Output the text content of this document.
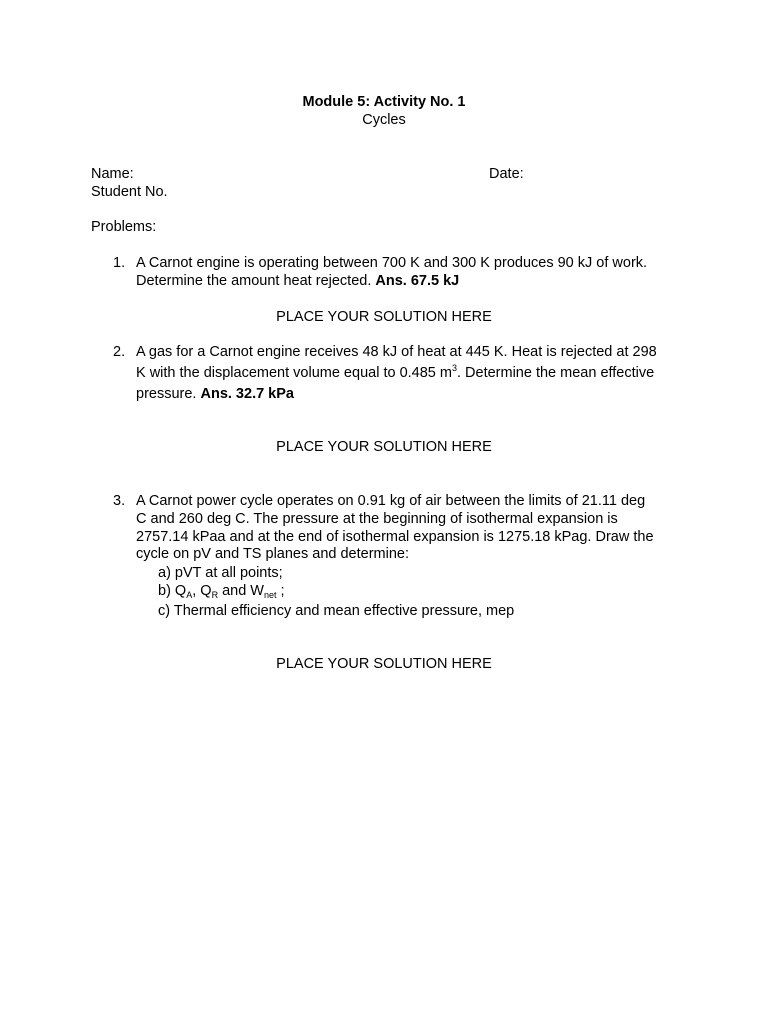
Module 5: Activity No. 1
Cycles
Name:	Date:
Student No.
Problems:
1. A Carnot engine is operating between 700 K and 300 K produces 90 kJ of work.
Determine the amount heat rejected. Ans. 67.5 kJ
PLACE YOUR SOLUTION HERE
2. A gas for a Carnot engine receives 48 kJ of heat at 445 K. Heat is rejected at 298
K with the displacement volume equal to 0.485 $m^3$. Determine the mean effective
pressure. Ans. 32.7 kPa
PLACE YOUR SOLUTION HERE
3. A Carnot power cycle operates on 0.91 kg of air between the limits of 21.11 deg
C and 260 deg C. The pressure at the beginning of isothermal expansion is
2757.14 kPaa and at the end of isothermal expansion is 1275.18 kPag. Draw the
cycle on pV and TS planes and determine:
a) pVT at all points;
b) $Q_A$, $Q_R$ and $W_{net}$ ;
c) Thermal efficiency and mean effective pressure, mep
PLACE YOUR SOLUTION HERE
